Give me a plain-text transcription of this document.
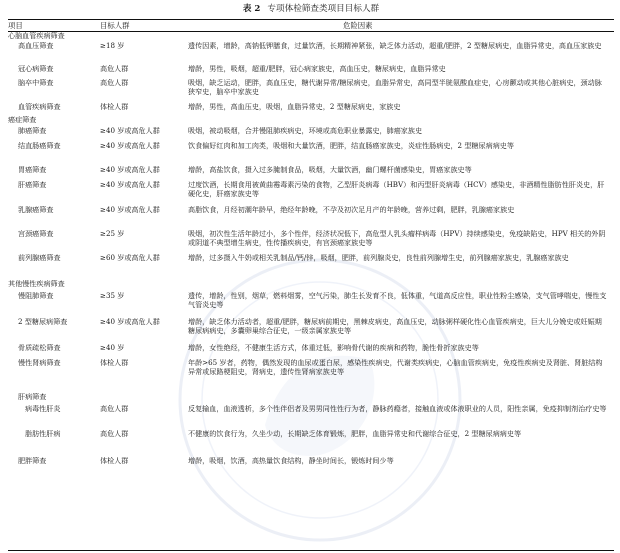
表 2 专项体检筛查类项目目标人群
项目	目标人群	危险因素
心脑血管疾病筛查
高血压筛查	≥18 岁	遗传因素，增龄，高钠低钾膳食，过量饮酒，长期精神紧张，缺乏体力活动，超重/肥胖，2 型糖尿病史，血脂异常史，高血压家族史
冠心病筛查	高危人群	增龄，男性，吸烟，超重/肥胖，冠心病家族史，高血压史，糖尿病史，血脂异常史
脑卒中筛查	高危人群	吸烟，缺乏运动，肥胖，高血压史，糖代谢异常/糖尿病史，血脂异常史，高同型半胱氨酸血症史，心房颤动或其他心脏病史，颈动脉狭窄史，脑卒中家族史
血管疾病筛查	体检人群	增龄，男性，高血压史，吸烟，血脂异常史，2 型糖尿病史，家族史
癌症筛查
肺癌筛查	≥40 岁或高危人群	吸烟，被动吸烟，合并慢阻肺疾病史，环境或高危职业暴露史，肺癌家族史
结直肠癌筛查	≥40 岁或高危人群	饮食偏好红肉和加工肉类，吸烟和大量饮酒，肥胖，结直肠癌家族史，炎症性肠病史，2 型糖尿病病史等
胃癌筛查	≥40 岁或高危人群	增龄，高盐饮食，摄入过多腌制食品，吸烟，大量饮酒，幽门螺杆菌感染史，胃癌家族史等
肝癌筛查	≥40 岁或高危人群	过度饮酒，长期食用被黄曲霉毒素污染的食物，乙型肝炎病毒（HBV）和丙型肝炎病毒（HCV）感染史，非酒精性脂肪性肝炎史，肝硬化史，肝癌家族史等
乳腺癌筛查	≥40 岁或高危人群	高脂饮食，月经初潮年龄早，绝经年龄晚，不孕及初次足月产的年龄晚，营养过剩，肥胖，乳腺癌家族史
宫颈癌筛查	≥25 岁	吸烟，初次性生活年龄过小，多个性伴，经济状况低下，高危型人乳头瘤样病毒（HPV）持续感染史，免疫缺陷史，HPV 相关的外阴或阴道不典型增生病史，性传播疾病史，有宫颈癌家族史等
前列腺癌筛查	≥60 岁或高危人群	增龄，过多摄入牛奶或相关乳制品/钙/锌，吸烟，肥胖，前列腺炎史，良性前列腺增生史，前列腺癌家族史，乳腺癌家族史
其他慢性疾病筛查
慢阻肺筛查	≥35 岁	遗传，增龄，性别，烟草，燃料烟雾，空气污染，肺生长发育不良，低体重，气道高反应性，职业性粉尘感染，支气管哮喘史，慢性支气管炎史等
2 型糖尿病筛查	≥40 岁或高危人群	增龄，缺乏体力活动者，超重/肥胖，糖尿病前期史，黑棘皮病史，高血压史，动脉粥样硬化性心血管疾病史，巨大儿分娩史或妊娠期糖尿病病史，多囊卵巢综合征史，一级亲属家族史等
骨质疏松筛查	≥40 岁	增龄，女性绝经，不健康生活方式，体重过低，影响骨代谢的疾病和药物，脆性骨折家族史等
慢性肾病筛查	体检人群	年龄>65 岁者，药物，偶然发现的血尿或蛋白尿，感染性疾病史，代谢类疾病史，心脑血管疾病史，免疫性疾病史及肾脏、肾脏结构异常或尿路梗阻史，肾病史，遗传性肾病家族史等
肝病筛查
病毒性肝炎	高危人群	反复输血，血液透析，多个性伴侣者及男男同性性行为者，静脉药瘾者，接触血液或体液职业的人员，阳性亲属，免疫抑制剂治疗史等
脂肪性肝病	高危人群	不健康的饮食行为，久坐少动，长期缺乏体育锻炼，肥胖，血脂异常史和代谢综合征史，2 型糖尿病病史等
肥胖筛查	体检人群	增龄，吸烟，饮酒，高热量饮食结构，静坐时间长，锻炼时间少等
